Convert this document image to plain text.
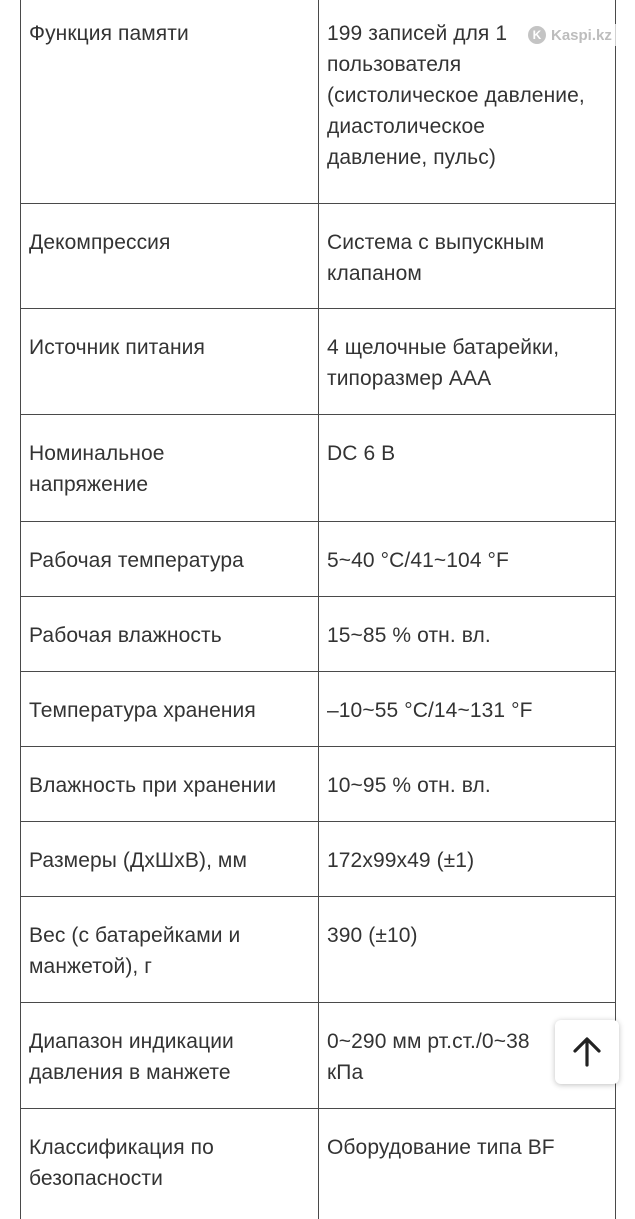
Функция памяти	199 записей для 1
пользователя
(систолическое давление,
диастолическое
давление, пульс)
Декомпрессия	Система с выпускным
клапаном
Источник питания	4 щелочные батарейки,
типоразмер ААА
Номинальное
напряжение	DC 6 В
Рабочая температура	5~40 °С/41~104 °F
Рабочая влажность	15~85 % отн. вл.
Температура хранения	–10~55 °С/14~131 °F
Влажность при хранении	10~95 % отн. вл.
Размеры (ДхШхВ), мм	172х99х49 (±1)
Вес (с батарейками и
манжетой), г	390 (±10)
Диапазон индикации
давления в манжете	0~290 мм рт.ст./0~38
кПа
Классификация по
безопасности	Оборудование типа BF
K Kaspi.kz
